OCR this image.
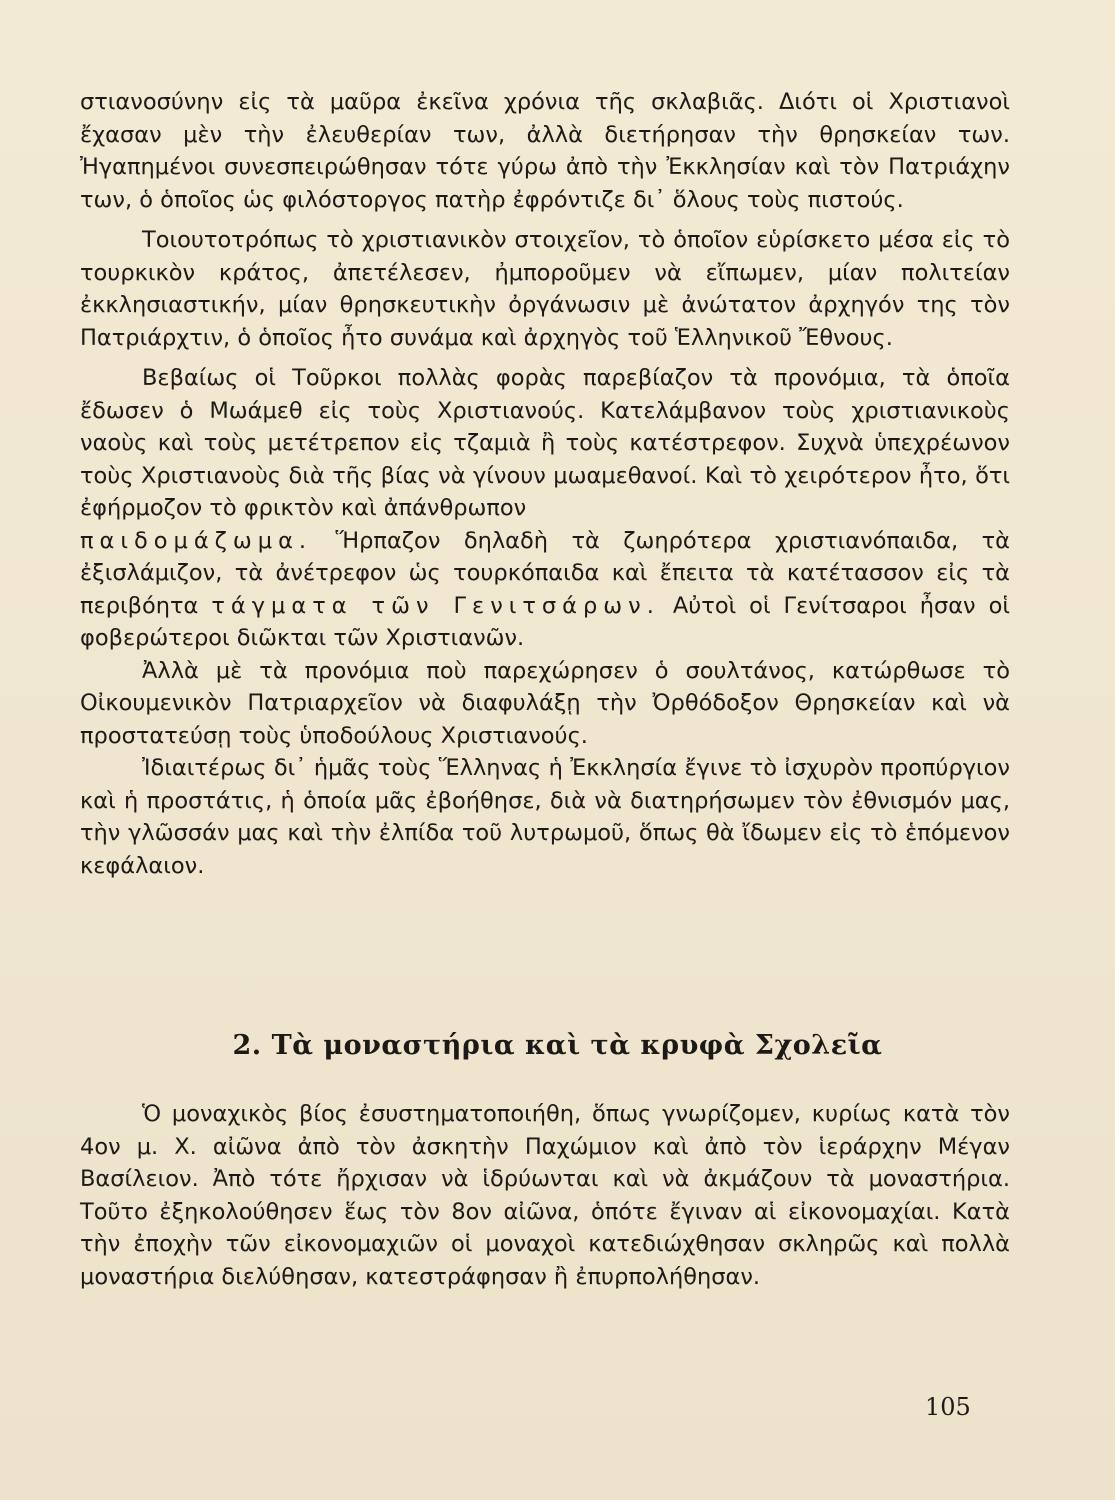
στιανοσύνην εἰς τὰ μαῦρα ἐκεῖνα χρόνια τῆς σκλαβιᾶς. Διότι οἱ Χριστιανοὶ ἔχασαν μὲν τὴν ἐλευθερίαν των, ἀλλὰ διετήρησαν τὴν θρησκείαν των. Ἠγαπημένοι συνεσπειρώθησαν τότε γύρω ἀπὸ τὴν Ἐκκλησίαν καὶ τὸν Πατριάχην των, ὁ ὁποῖος ὡς φιλόστοργος πατὴρ ἐφρόντιζε δι᾽ ὅλους τοὺς πιστούς.

Τοιουτοτρόπως τὸ χριστιανικὸν στοιχεῖον, τὸ ὁποῖον εὑρίσκετο μέσα εἰς τὸ τουρκικὸν κράτος, ἀπετέλεσεν, ἠμποροῦμεν νὰ εἴπωμεν, μίαν πολιτείαν ἐκκλησιαστικήν, μίαν θρησκευτικὴν ὀργάνωσιν μὲ ἀνώτατον ἀρχηγόν της τὸν Πατριάρχτιν, ὁ ὁποῖος ἦτο συνάμα καὶ ἀρχηγὸς τοῦ Ἑλληνικοῦ Ἔθνους.

Βεβαίως οἱ Τοῦρκοι πολλὰς φορὰς παρεβίαζον τὰ προνόμια, τὰ ὁποῖα ἔδωσεν ὁ Μωάμεθ εἰς τοὺς Χριστιανούς. Κατελάμβανον τοὺς χριστιανικοὺς ναοὺς καὶ τοὺς μετέτρεπον εἰς τζαμιὰ ἢ τοὺς κατέστρεφον. Συχνὰ ὑπεχρέωνον τοὺς Χριστιανοὺς διὰ τῆς βίας νὰ γίνουν μωαμεθανοί. Καὶ τὸ χειρότερον ἦτο, ὅτι ἐφήρμοζον τὸ φρικτὸν καὶ ἀπάνθρωπον

παιδομάζωμα. Ἥρπαζον δηλαδὴ τὰ ζωηρότερα χριστιανόπαιδα, τὰ ἐξισλάμιζον, τὰ ἀνέτρεφον ὡς τουρκόπαιδα καὶ ἔπειτα τὰ κατέτασσον εἰς τὰ περιβόητα τάγματα τῶν Γενιτσάρων. Αὐτοὶ οἱ Γενίτσαροι ἦσαν οἱ φοβερώτεροι διῶκται τῶν Χριστιανῶν.

Ἀλλὰ μὲ τὰ προνόμια ποὺ παρεχώρησεν ὁ σουλτάνος, κατώρθωσε τὸ Οἰκουμενικὸν Πατριαρχεῖον νὰ διαφυλάξῃ τὴν Ὀρθόδοξον Θρησκείαν καὶ νὰ προστατεύσῃ τοὺς ὑποδούλους Χριστιανούς.

Ἰδιαιτέρως δι᾽ ἡμᾶς τοὺς Ἕλληνας ἡ Ἐκκλησία ἔγινε τὸ ἰσχυρὸν προπύργιον καὶ ἡ προστάτις, ἡ ὁποία μᾶς ἐβοήθησε, διὰ νὰ διατηρήσωμεν τὸν ἐθνισμόν μας, τὴν γλῶσσάν μας καὶ τὴν ἐλπίδα τοῦ λυτρωμοῦ, ὅπως θὰ ἴδωμεν εἰς τὸ ἑπόμενον κεφάλαιον.

2. Τὰ μοναστήρια καὶ τὰ κρυφὰ Σχολεῖα

Ὁ μοναχικὸς βίος ἐσυστηματοποιήθη, ὅπως γνωρίζομεν, κυρίως κατὰ τὸν 4ον μ. Χ. αἰῶνα ἀπὸ τὸν ἀσκητὴν Παχώμιον καὶ ἀπὸ τὸν ἱεράρχην Μέγαν Βασίλειον. Ἀπὸ τότε ἤρχισαν νὰ ἱδρύωνται καὶ νὰ ἀκμάζουν τὰ μοναστήρια. Τοῦτο ἐξηκολούθησεν ἕως τὸν 8ον αἰῶνα, ὁπότε ἔγιναν αἱ εἰκονομαχίαι. Κατὰ τὴν ἐποχὴν τῶν εἰκονομαχιῶν οἱ μοναχοὶ κατεδιώχθησαν σκληρῶς καὶ πολλὰ μοναστήρια διελύθησαν, κατεστράφησαν ἢ ἐπυρπολήθησαν.

105
